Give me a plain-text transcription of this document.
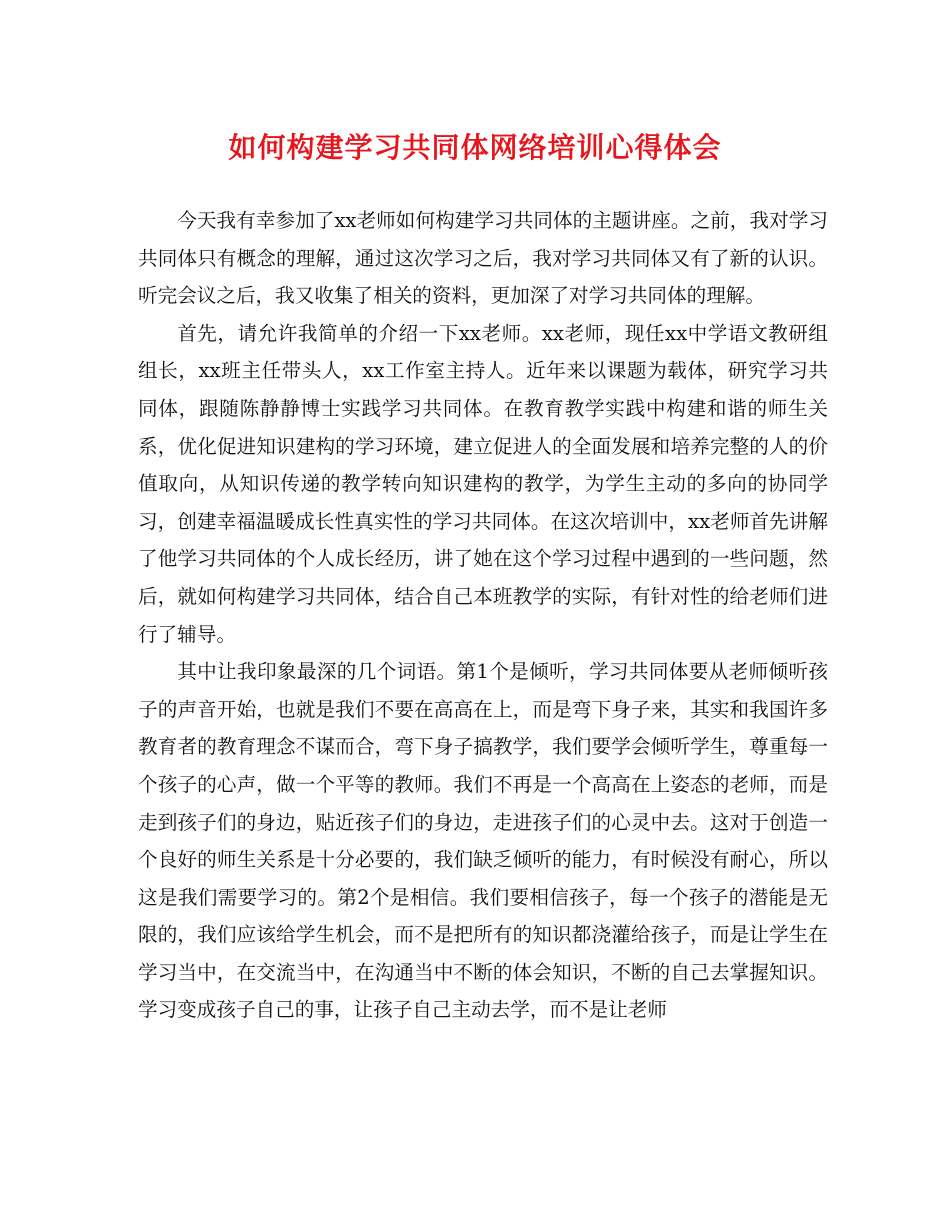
如何构建学习共同体网络培训心得体会

今天我有幸参加了xx老师如何构建学习共同体的主题讲座。之前，我对学习共同体只有概念的理解，通过这次学习之后，我对学习共同体又有了新的认识。听完会议之后，我又收集了相关的资料，更加深了对学习共同体的理解。

首先，请允许我简单的介绍一下xx老师。xx老师，现任xx中学语文教研组组长，xx班主任带头人，xx工作室主持人。近年来以课题为载体，研究学习共同体，跟随陈静静博士实践学习共同体。在教育教学实践中构建和谐的师生关系，优化促进知识建构的学习环境，建立促进人的全面发展和培养完整的人的价值取向，从知识传递的教学转向知识建构的教学，为学生主动的多向的协同学习，创建幸福温暖成长性真实性的学习共同体。在这次培训中，xx老师首先讲解了他学习共同体的个人成长经历，讲了她在这个学习过程中遇到的一些问题，然后，就如何构建学习共同体，结合自己本班教学的实际，有针对性的给老师们进行了辅导。

其中让我印象最深的几个词语。第1个是倾听，学习共同体要从老师倾听孩子的声音开始，也就是我们不要在高高在上，而是弯下身子来，其实和我国许多教育者的教育理念不谋而合，弯下身子搞教学，我们要学会倾听学生，尊重每一个孩子的心声，做一个平等的教师。我们不再是一个高高在上姿态的老师，而是走到孩子们的身边，贴近孩子们的身边，走进孩子们的心灵中去。这对于创造一个良好的师生关系是十分必要的，我们缺乏倾听的能力，有时候没有耐心，所以这是我们需要学习的。第2个是相信。我们要相信孩子，每一个孩子的潜能是无限的，我们应该给学生机会，而不是把所有的知识都浇灌给孩子，而是让学生在学习当中，在交流当中，在沟通当中不断的体会知识，不断的自己去掌握知识。学习变成孩子自己的事，让孩子自己主动去学，而不是让老师
